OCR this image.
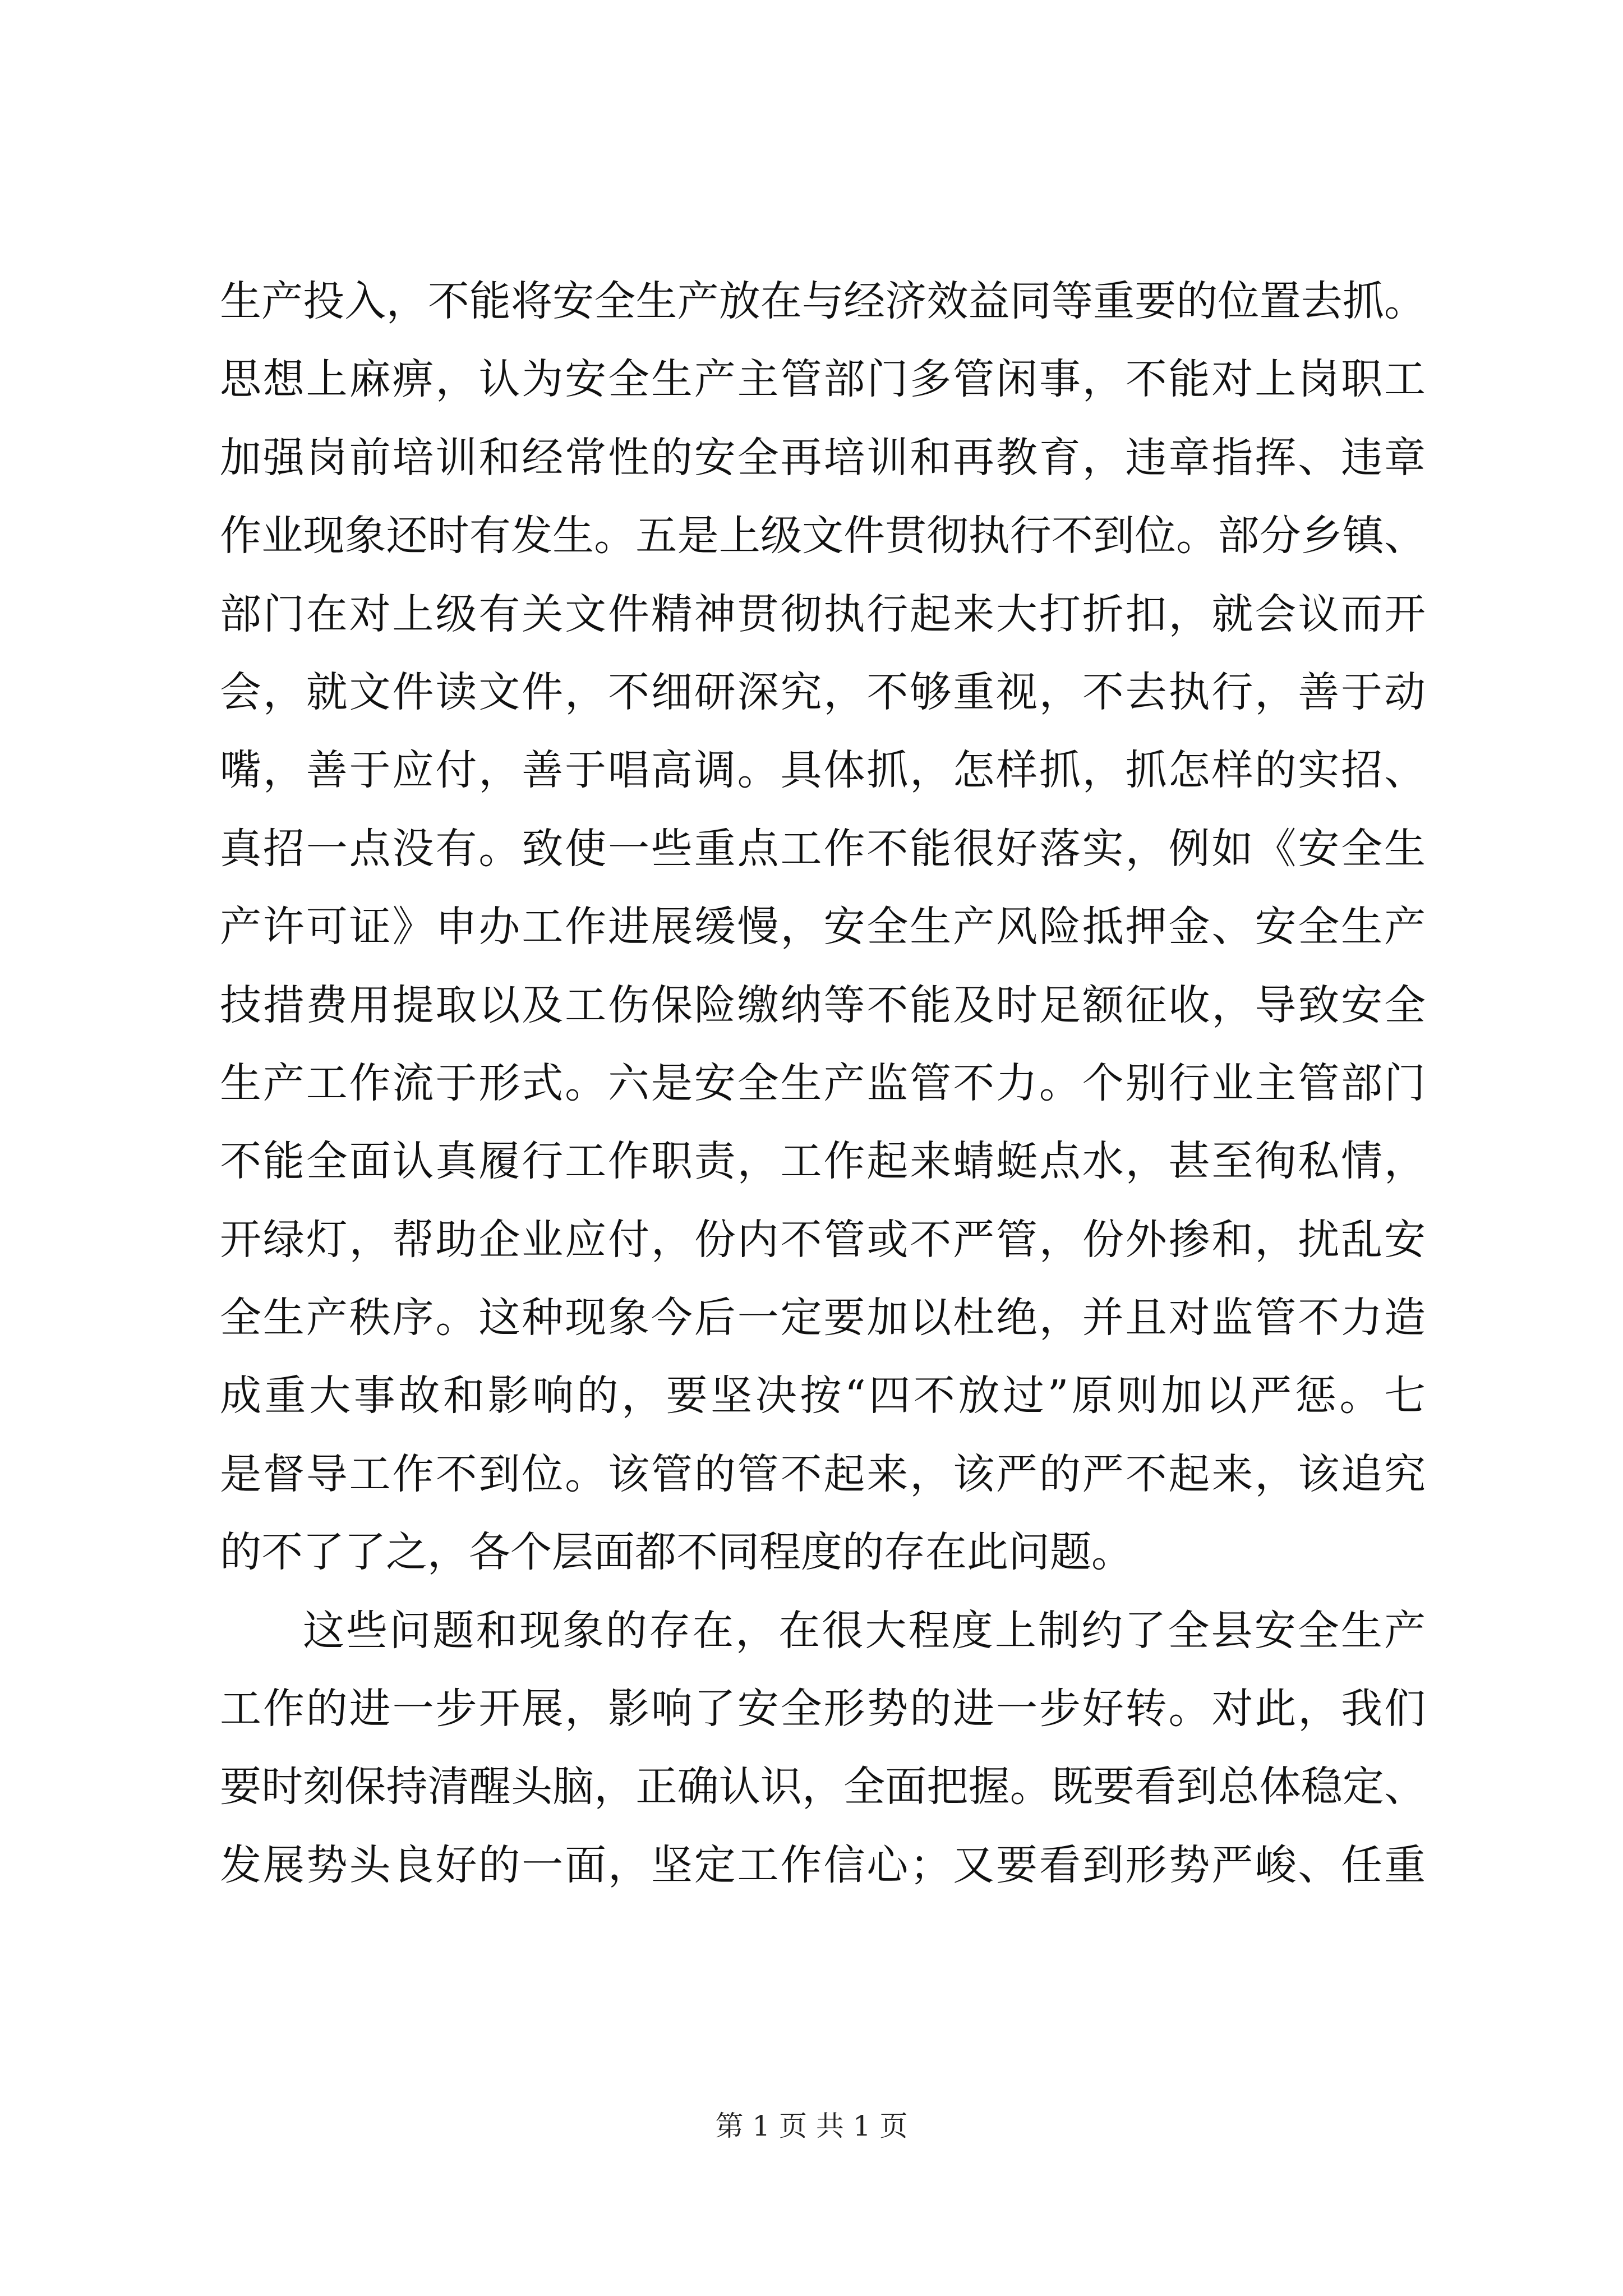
生产投入，不能将安全生产放在与经济效益同等重要的位置去抓。
思想上麻痹，认为安全生产主管部门多管闲事，不能对上岗职工
加强岗前培训和经常性的安全再培训和再教育，违章指挥、违章
作业现象还时有发生。五是上级文件贯彻执行不到位。部分乡镇、
部门在对上级有关文件精神贯彻执行起来大打折扣，就会议而开
会，就文件读文件，不细研深究，不够重视，不去执行，善于动
嘴，善于应付，善于唱高调。具体抓，怎样抓，抓怎样的实招、
真招一点没有。致使一些重点工作不能很好落实，例如《安全生
产许可证》申办工作进展缓慢，安全生产风险抵押金、安全生产
技措费用提取以及工伤保险缴纳等不能及时足额征收，导致安全
生产工作流于形式。六是安全生产监管不力。个别行业主管部门
不能全面认真履行工作职责，工作起来蜻蜓点水，甚至徇私情，
开绿灯，帮助企业应付，份内不管或不严管，份外掺和，扰乱安
全生产秩序。这种现象今后一定要加以杜绝，并且对监管不力造
成重大事故和影响的，要坚决按“四不放过”原则加以严惩。七
是督导工作不到位。该管的管不起来，该严的严不起来，该追究
的不了了之，各个层面都不同程度的存在此问题。
这些问题和现象的存在，在很大程度上制约了全县安全生产
工作的进一步开展，影响了安全形势的进一步好转。对此，我们
要时刻保持清醒头脑，正确认识，全面把握。既要看到总体稳定、
发展势头良好的一面，坚定工作信心；又要看到形势严峻、任重
第 1 页 共 1 页
